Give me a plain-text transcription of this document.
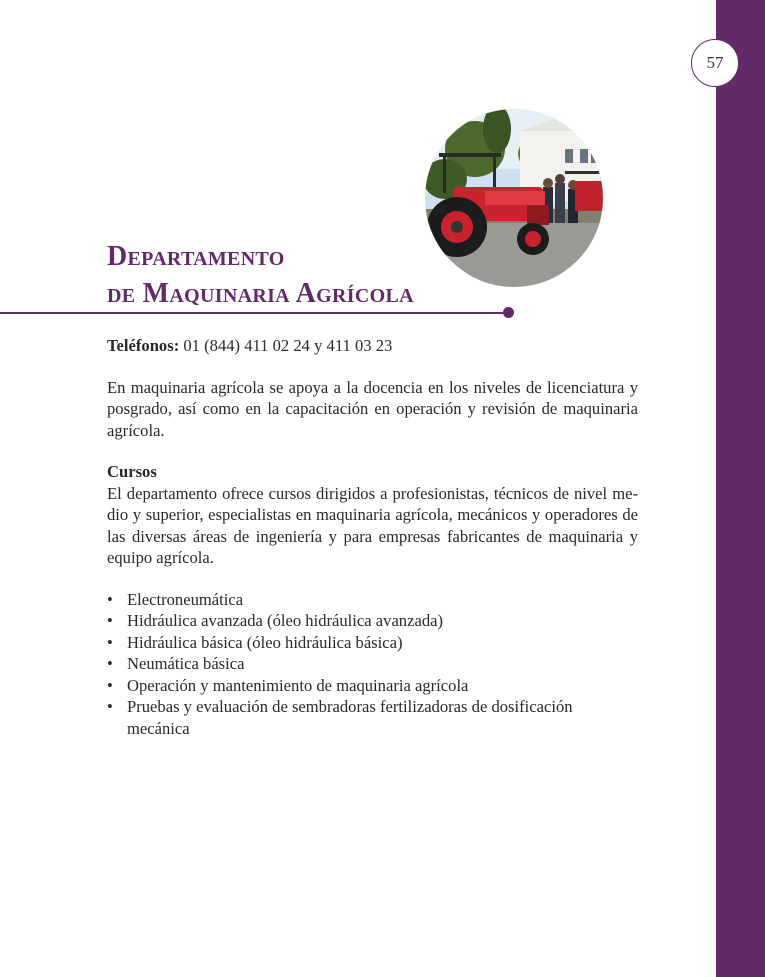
57
Departamento
de Maquinaria Agrícola

Teléfonos: 01 (844) 411 02 24 y 411 03 23

En maquinaria agrícola se apoya a la docencia en los niveles de licenciatura y posgrado, así como en la capacitación en operación y revisión de maquinaria agrícola.

Cursos

El departamento ofrece cursos dirigidos a profesionistas, técnicos de nivel medio y superior, especialistas en maquinaria agrícola, mecánicos y operadores de las diversas áreas de ingeniería y para empresas fabricantes de maquinaria y equipo agrícola.

• Electroneumática
• Hidráulica avanzada (óleo hidráulica avanzada)
• Hidráulica básica (óleo hidráulica básica)
• Neumática básica
• Operación y mantenimiento de maquinaria agrícola
• Pruebas y evaluación de sembradoras fertilizadoras de dosificación mecánica
